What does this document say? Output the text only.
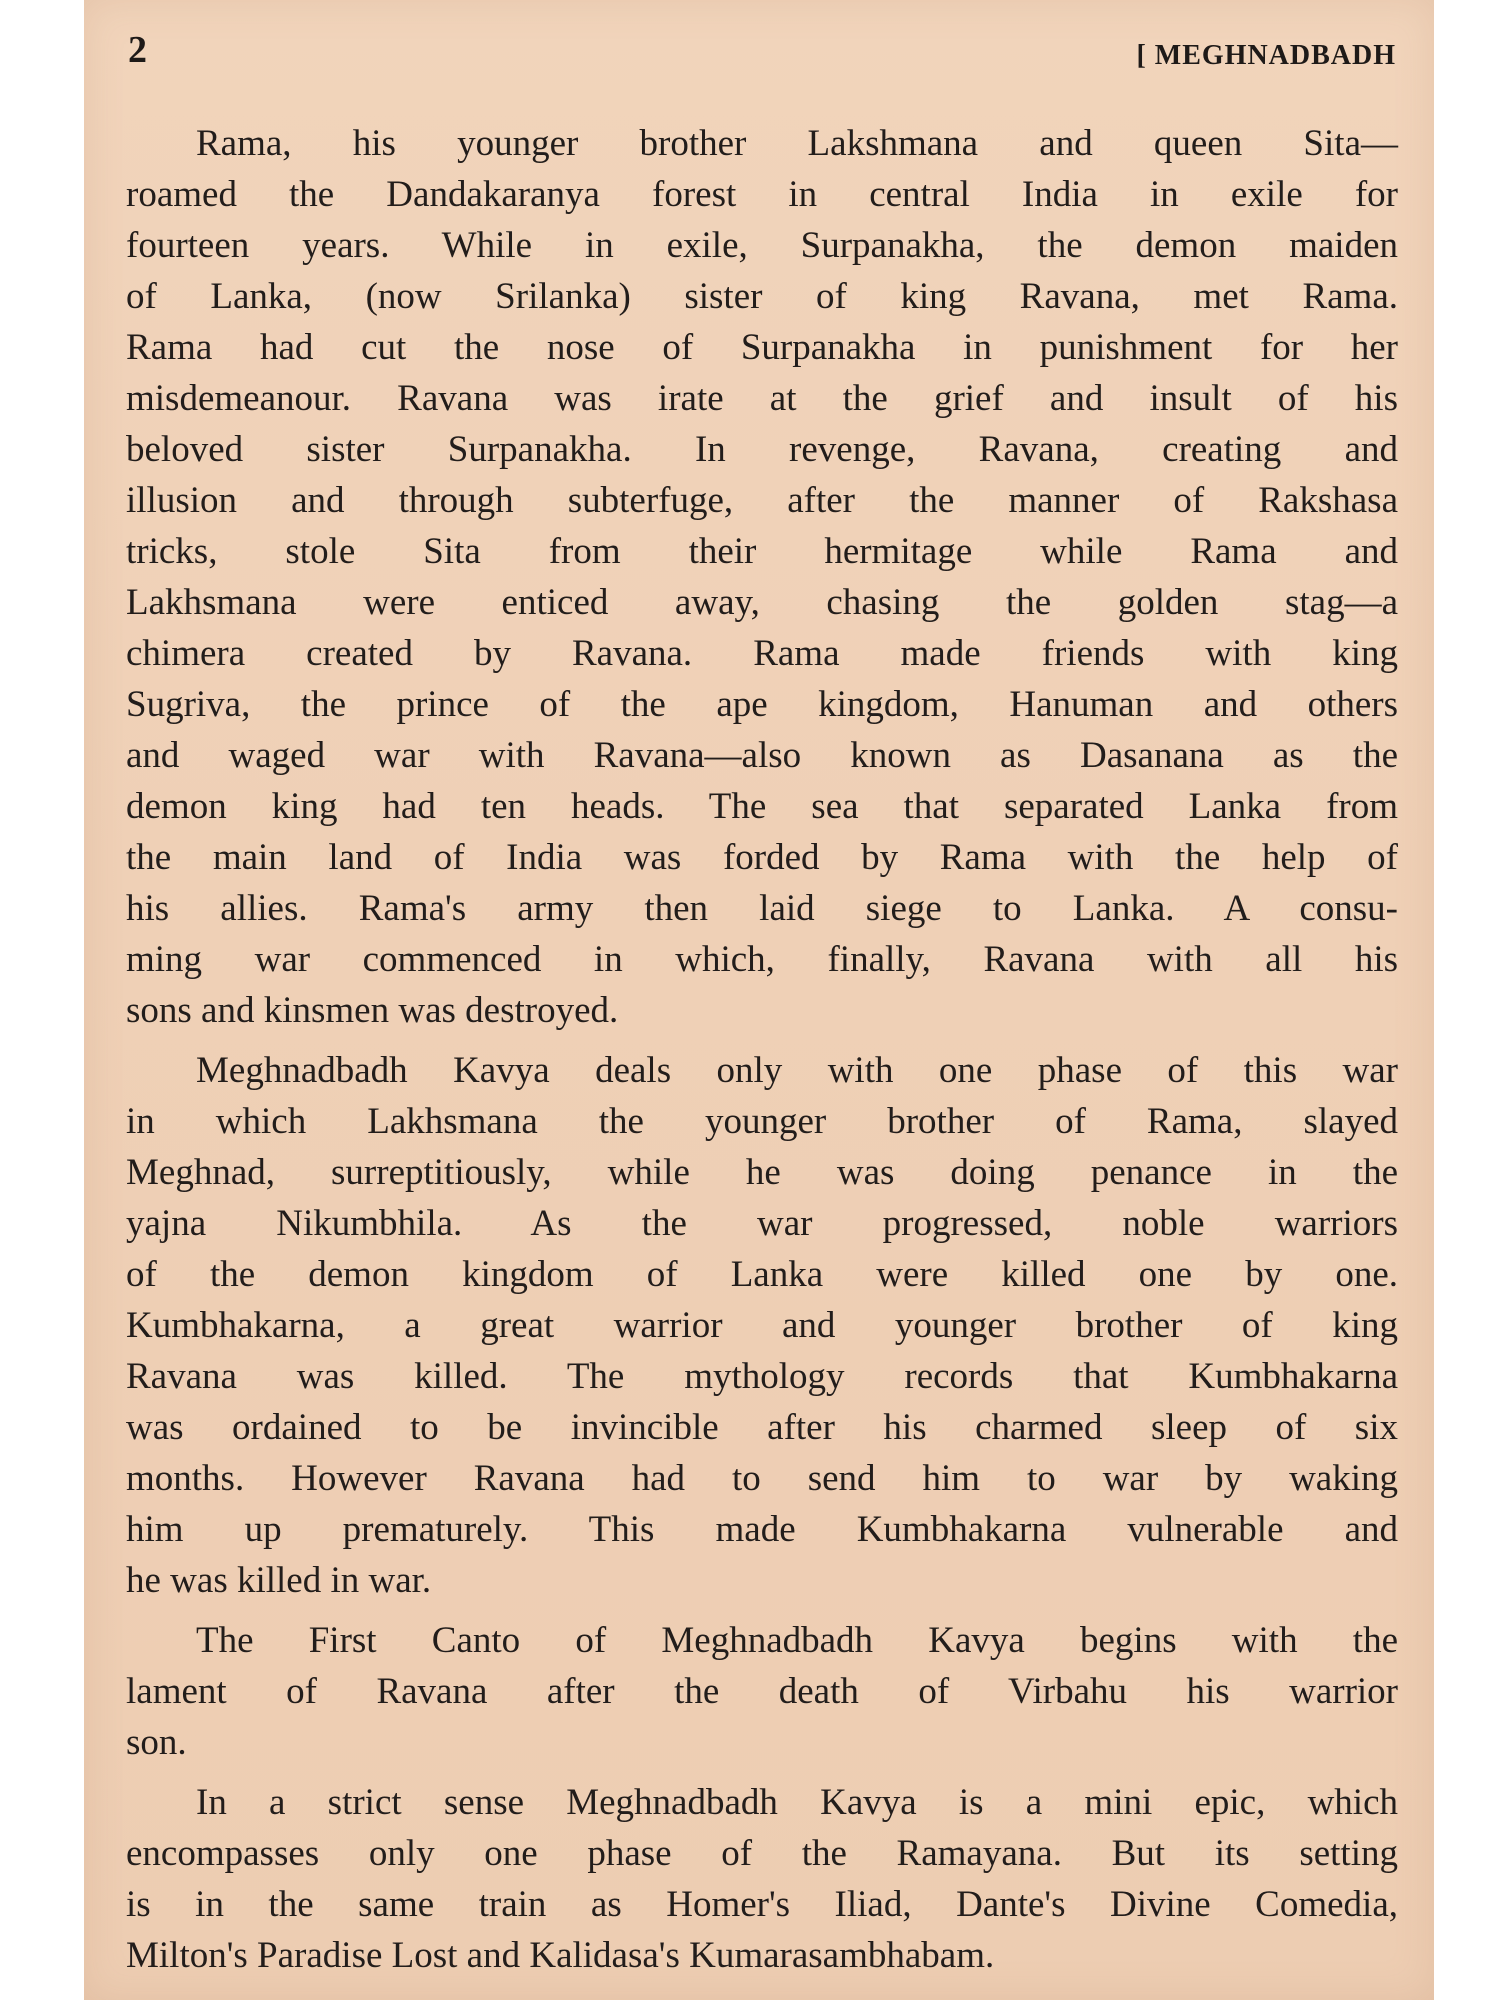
2	[ MEGHNADBADH
Rama, his younger brother Lakshmana and queen Sita—
roamed the Dandakaranya forest in central India in exile for
fourteen years. While in exile, Surpanakha, the demon maiden
of Lanka, (now Srilanka) sister of king Ravana, met Rama.
Rama had cut the nose of Surpanakha in punishment for her
misdemeanour. Ravana was irate at the grief and insult of his
beloved sister Surpanakha. In revenge, Ravana, creating and
illusion and through subterfuge, after the manner of Rakshasa
tricks, stole Sita from their hermitage while Rama and
Lakhsmana were enticed away, chasing the golden stag—a
chimera created by Ravana. Rama made friends with king
Sugriva, the prince of the ape kingdom, Hanuman and others
and waged war with Ravana—also known as Dasanana as the
demon king had ten heads. The sea that separated Lanka from
the main land of India was forded by Rama with the help of
his allies. Rama's army then laid siege to Lanka. A consu-
ming war commenced in which, finally, Ravana with all his
sons and kinsmen was destroyed.
Meghnadbadh Kavya deals only with one phase of this war
in which Lakhsmana the younger brother of Rama, slayed
Meghnad, surreptitiously, while he was doing penance in the
yajna Nikumbhila. As the war progressed, noble warriors
of the demon kingdom of Lanka were killed one by one.
Kumbhakarna, a great warrior and younger brother of king
Ravana was killed. The mythology records that Kumbhakarna
was ordained to be invincible after his charmed sleep of six
months. However Ravana had to send him to war by waking
him up prematurely. This made Kumbhakarna vulnerable and
he was killed in war.
The First Canto of Meghnadbadh Kavya begins with the
lament of Ravana after the death of Virbahu his warrior
son.
In a strict sense Meghnadbadh Kavya is a mini epic, which
encompasses only one phase of the Ramayana. But its setting
is in the same train as Homer's Iliad, Dante's Divine Comedia,
Milton's Paradise Lost and Kalidasa's Kumarasambhabam.
